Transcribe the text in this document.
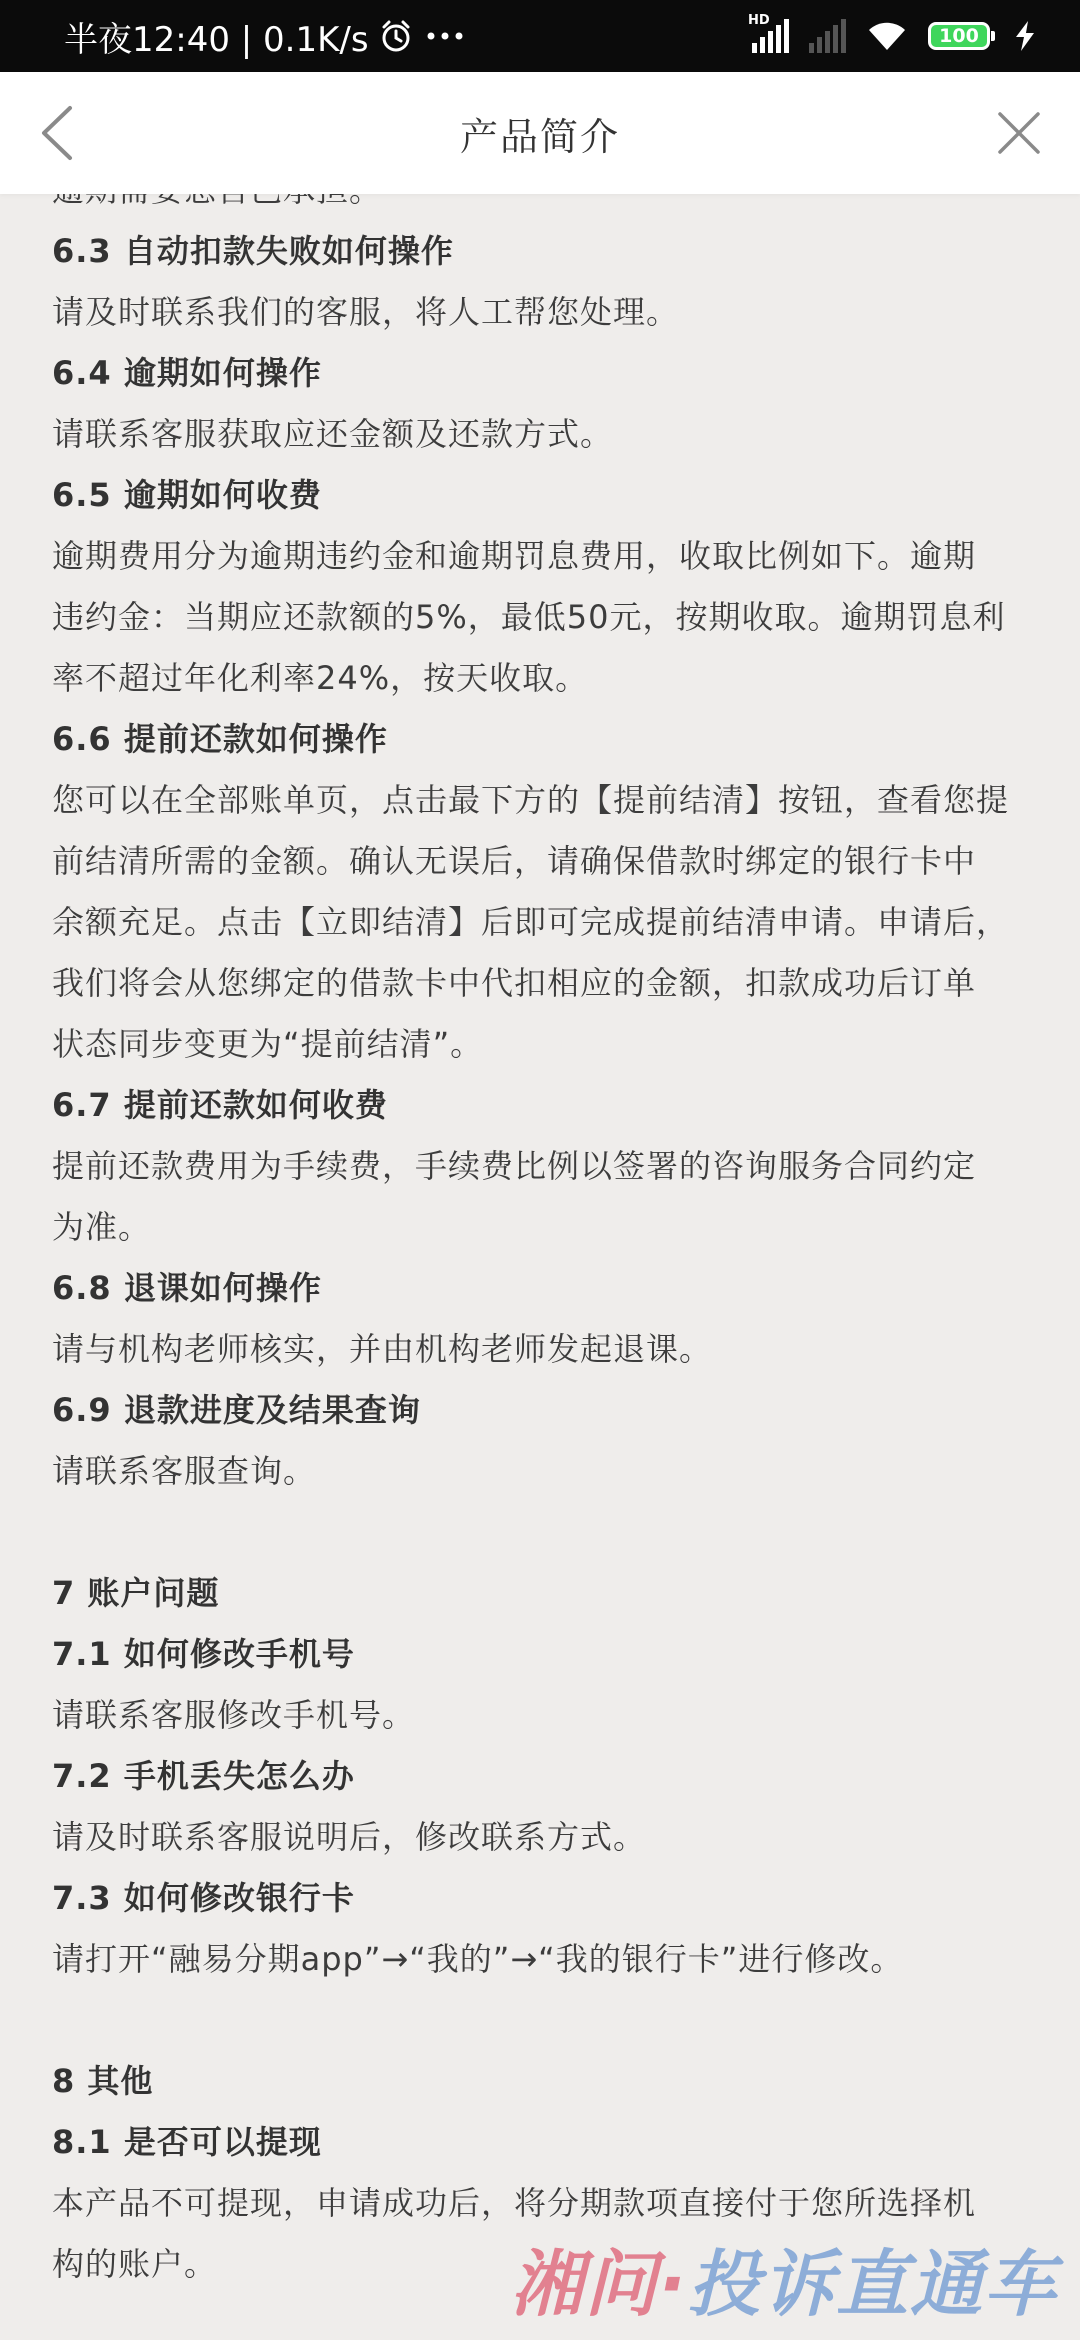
半夜12:40 | 0.1K/s	HD
100
产品简介
6.3 自动扣款失败如何操作
请及时联系我们的客服，将人工帮您处理。
6.4 逾期如何操作
请联系客服获取应还金额及还款方式。
6.5 逾期如何收费
逾期费用分为逾期违约金和逾期罚息费用，收取比例如下。逾期
违约金：当期应还款额的5%，最低50元，按期收取。逾期罚息利
率不超过年化利率24%，按天收取。
6.6 提前还款如何操作
您可以在全部账单页，点击最下方的【提前结清】按钮，查看您提
前结清所需的金额。确认无误后，请确保借款时绑定的银行卡中
余额充足。点击【立即结清】后即可完成提前结清申请。申请后，
我们将会从您绑定的借款卡中代扣相应的金额，扣款成功后订单
状态同步变更为“提前结清”。
6.7 提前还款如何收费
提前还款费用为手续费，手续费比例以签署的咨询服务合同约定
为准。
6.8 退课如何操作
请与机构老师核实，并由机构老师发起退课。
6.9 退款进度及结果查询
请联系客服查询。
7 账户问题
7.1 如何修改手机号
请联系客服修改手机号。
7.2 手机丢失怎么办
请及时联系客服说明后，修改联系方式。
7.3 如何修改银行卡
请打开“融易分期app”→“我的”→“我的银行卡”进行修改。
8 其他
8.1 是否可以提现
本产品不可提现，申请成功后，将分期款项直接付于您所选择机
构的账户。	湘问·投诉直通车
